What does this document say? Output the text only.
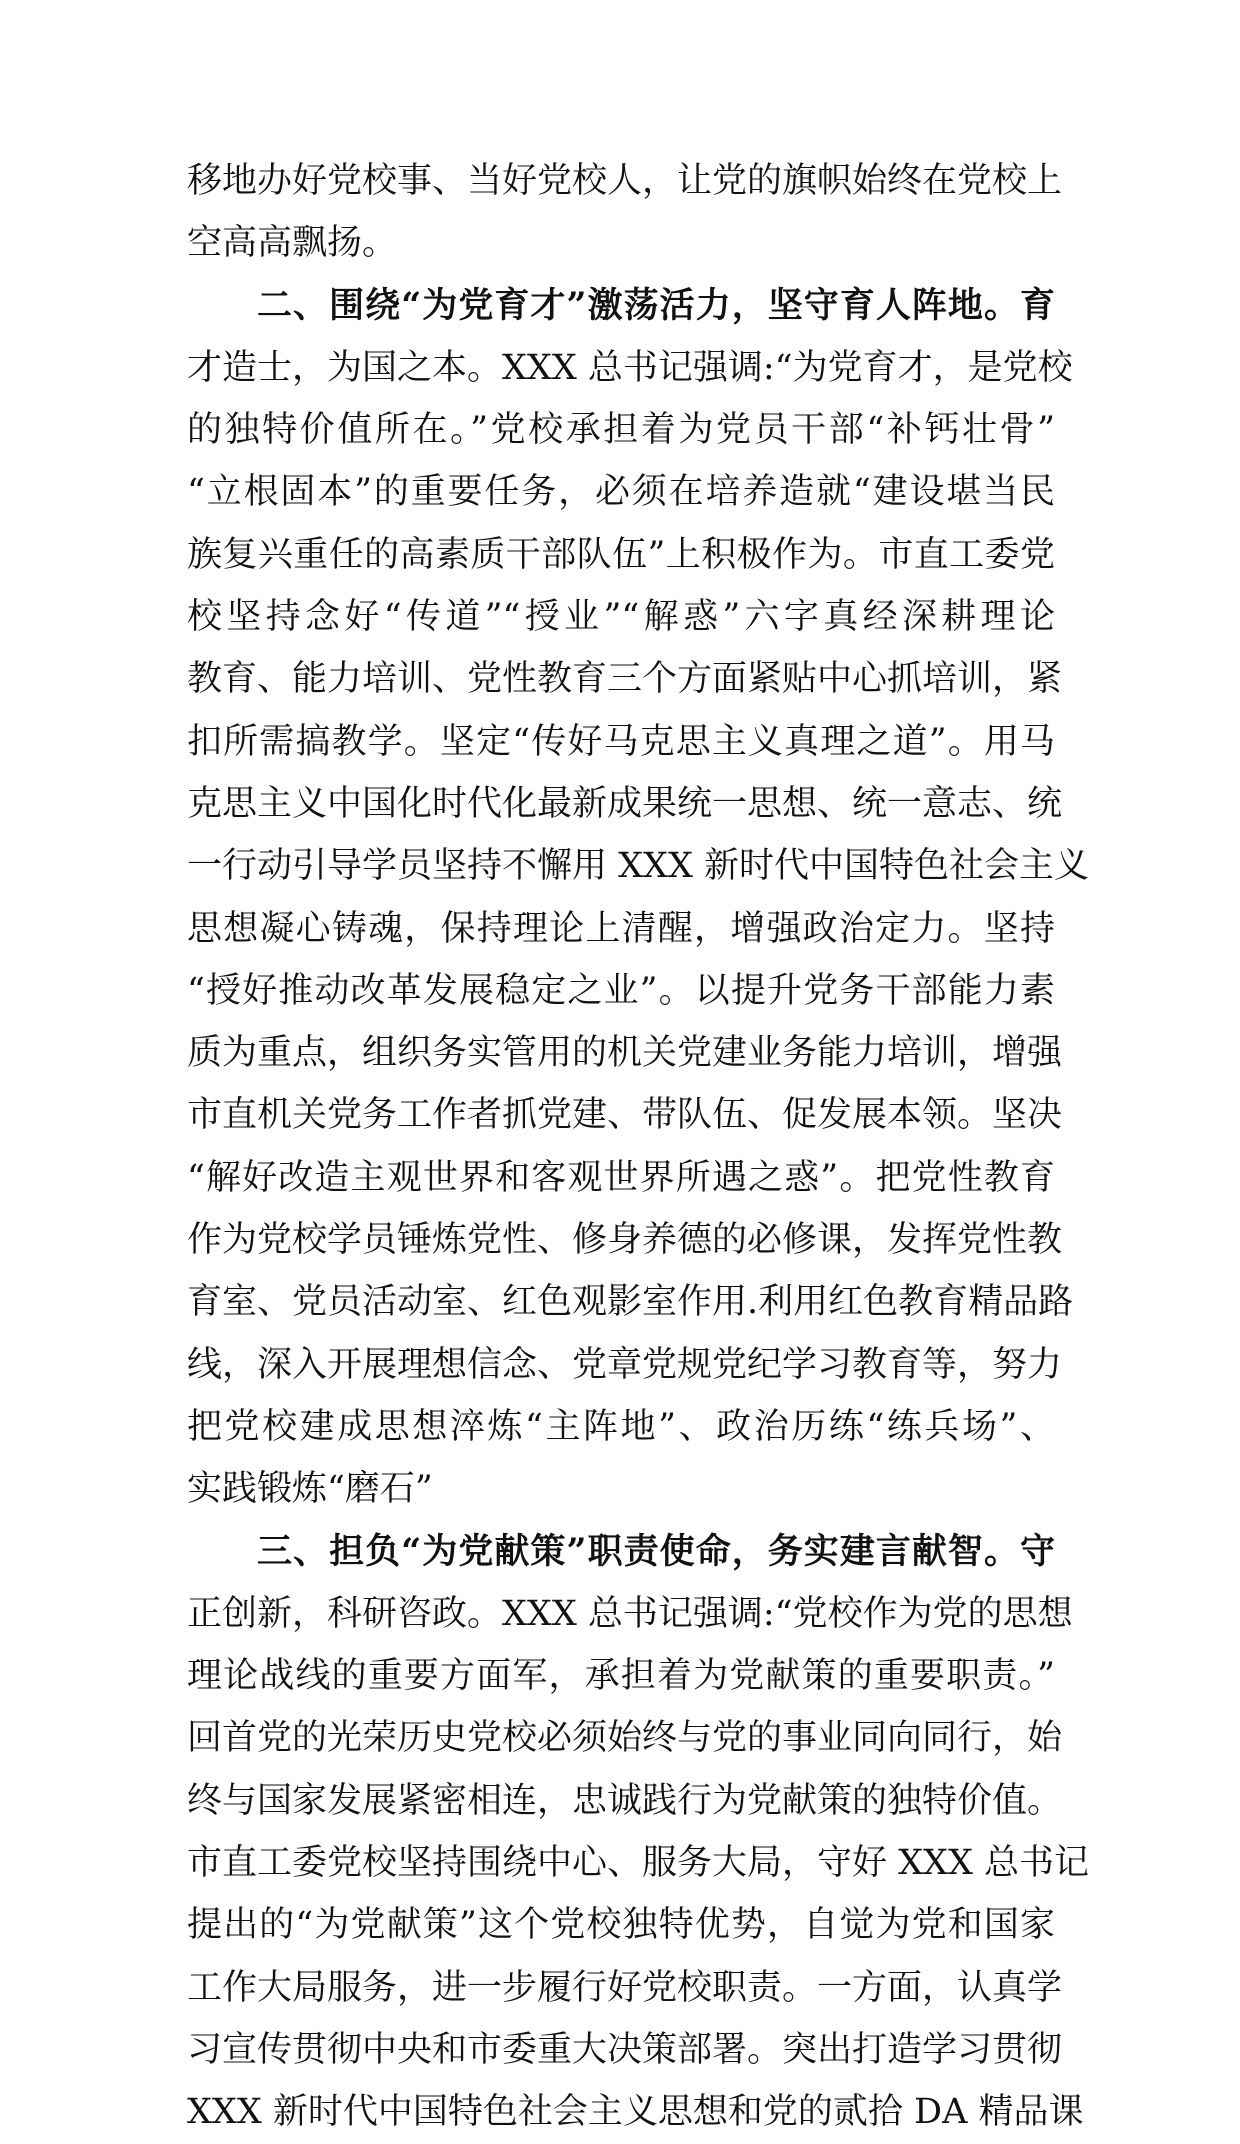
移地办好党校事、当好党校人，让党的旗帜始终在党校上
空高高飘扬。
二、围绕“为党育才”激荡活力，坚守育人阵地。育
才造士，为国之本。XXX 总书记强调:“为党育才，是党校
的独特价值所在。”党校承担着为党员干部“补钙壮骨”
“立根固本”的重要任务，必须在培养造就“建设堪当民
族复兴重任的高素质干部队伍”上积极作为。市直工委党
校坚持念好“传道”“授业”“解惑”六字真经深耕理论
教育、能力培训、党性教育三个方面紧贴中心抓培训，紧
扣所需搞教学。坚定“传好马克思主义真理之道”。用马
克思主义中国化时代化最新成果统一思想、统一意志、统
一行动引导学员坚持不懈用 XXX 新时代中国特色社会主义
思想凝心铸魂，保持理论上清醒，增强政治定力。坚持
“授好推动改革发展稳定之业”。以提升党务干部能力素
质为重点，组织务实管用的机关党建业务能力培训，增强
市直机关党务工作者抓党建、带队伍、促发展本领。坚决
“解好改造主观世界和客观世界所遇之惑”。把党性教育
作为党校学员锤炼党性、修身养德的必修课，发挥党性教
育室、党员活动室、红色观影室作用.利用红色教育精品路
线，深入开展理想信念、党章党规党纪学习教育等，努力
把党校建成思想淬炼“主阵地”、政治历练“练兵场”、
实践锻炼“磨石”
三、担负“为党献策”职责使命，务实建言献智。守
正创新，科研咨政。XXX 总书记强调:“党校作为党的思想
理论战线的重要方面军，承担着为党献策的重要职责。”
回首党的光荣历史党校必须始终与党的事业同向同行，始
终与国家发展紧密相连，忠诚践行为党献策的独特价值。
市直工委党校坚持围绕中心、服务大局，守好 XXX 总书记
提出的“为党献策”这个党校独特优势，自觉为党和国家
工作大局服务，进一步履行好党校职责。一方面，认真学
习宣传贯彻中央和市委重大决策部署。突出打造学习贯彻
XXX 新时代中国特色社会主义思想和党的贰拾 DA 精品课
